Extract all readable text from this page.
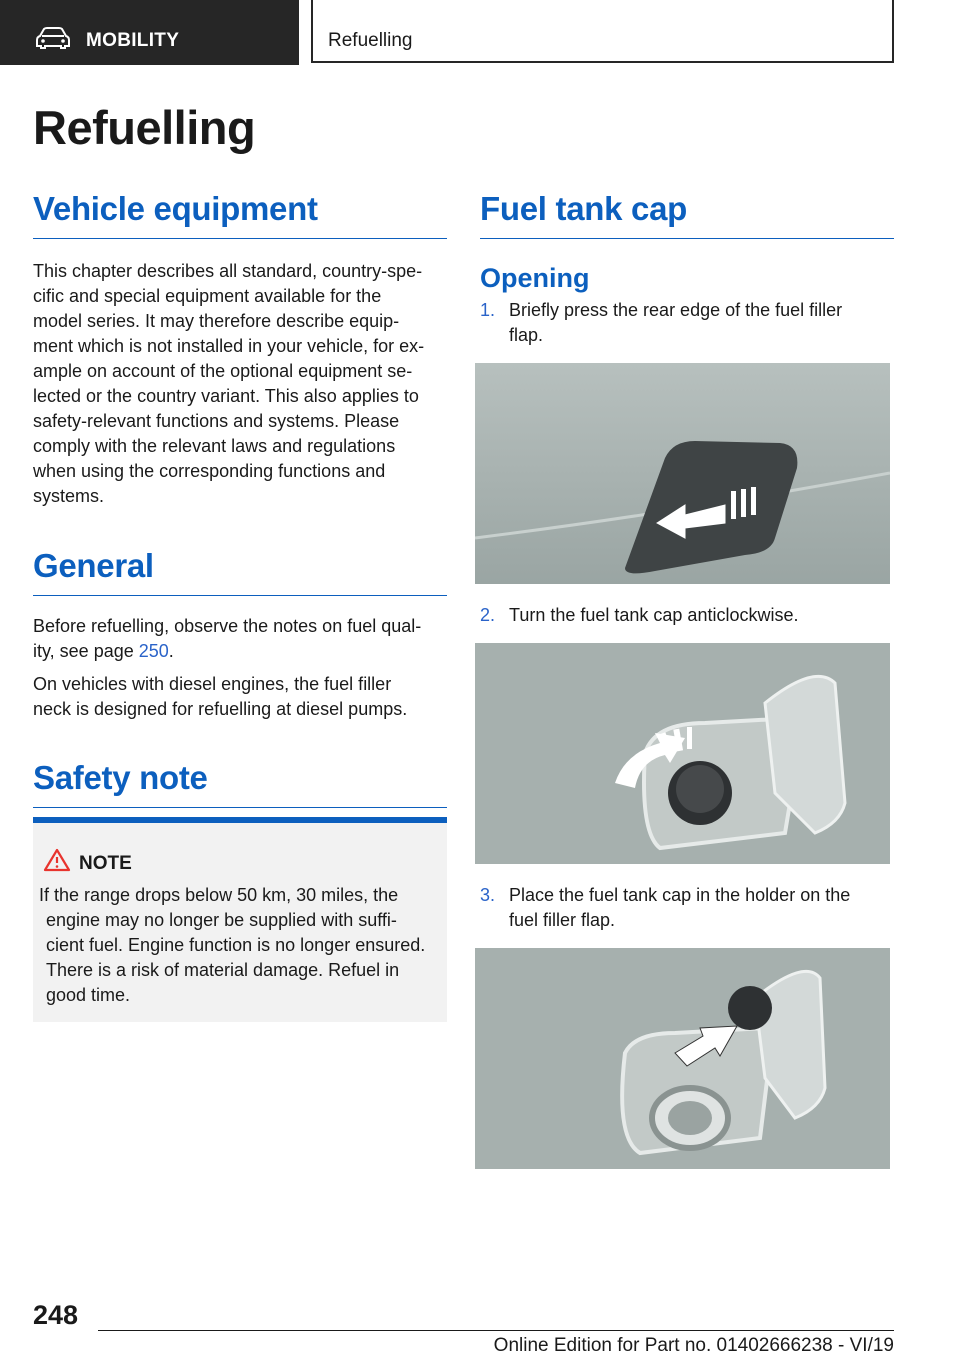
MOBILITY	Refuelling
Refuelling
Vehicle equipment

This chapter describes all standard, country-spe‐
cific and special equipment available for the
model series. It may therefore describe equip‐
ment which is not installed in your vehicle, for ex‐
ample on account of the optional equipment se‐
lected or the country variant. This also applies to
safety-relevant functions and systems. Please
comply with the relevant laws and regulations
when using the corresponding functions and
systems.

General

Before refuelling, observe the notes on fuel qual‐
ity, see page 250.

On vehicles with diesel engines, the fuel filler
neck is designed for refuelling at diesel pumps.

Safety note
NOTE
If the range drops below 50 km, 30 miles, the
engine may no longer be supplied with suffi‐
cient fuel. Engine function is no longer ensured.
There is a risk of material damage. Refuel in
good time.
Fuel tank cap
Opening
1. Briefly press the rear edge of the fuel filler
flap.
2. Turn the fuel tank cap anticlockwise.
3. Place the fuel tank cap in the holder on the
fuel filler flap.
248
Online Edition for Part no. 01402666238 - VI/19
